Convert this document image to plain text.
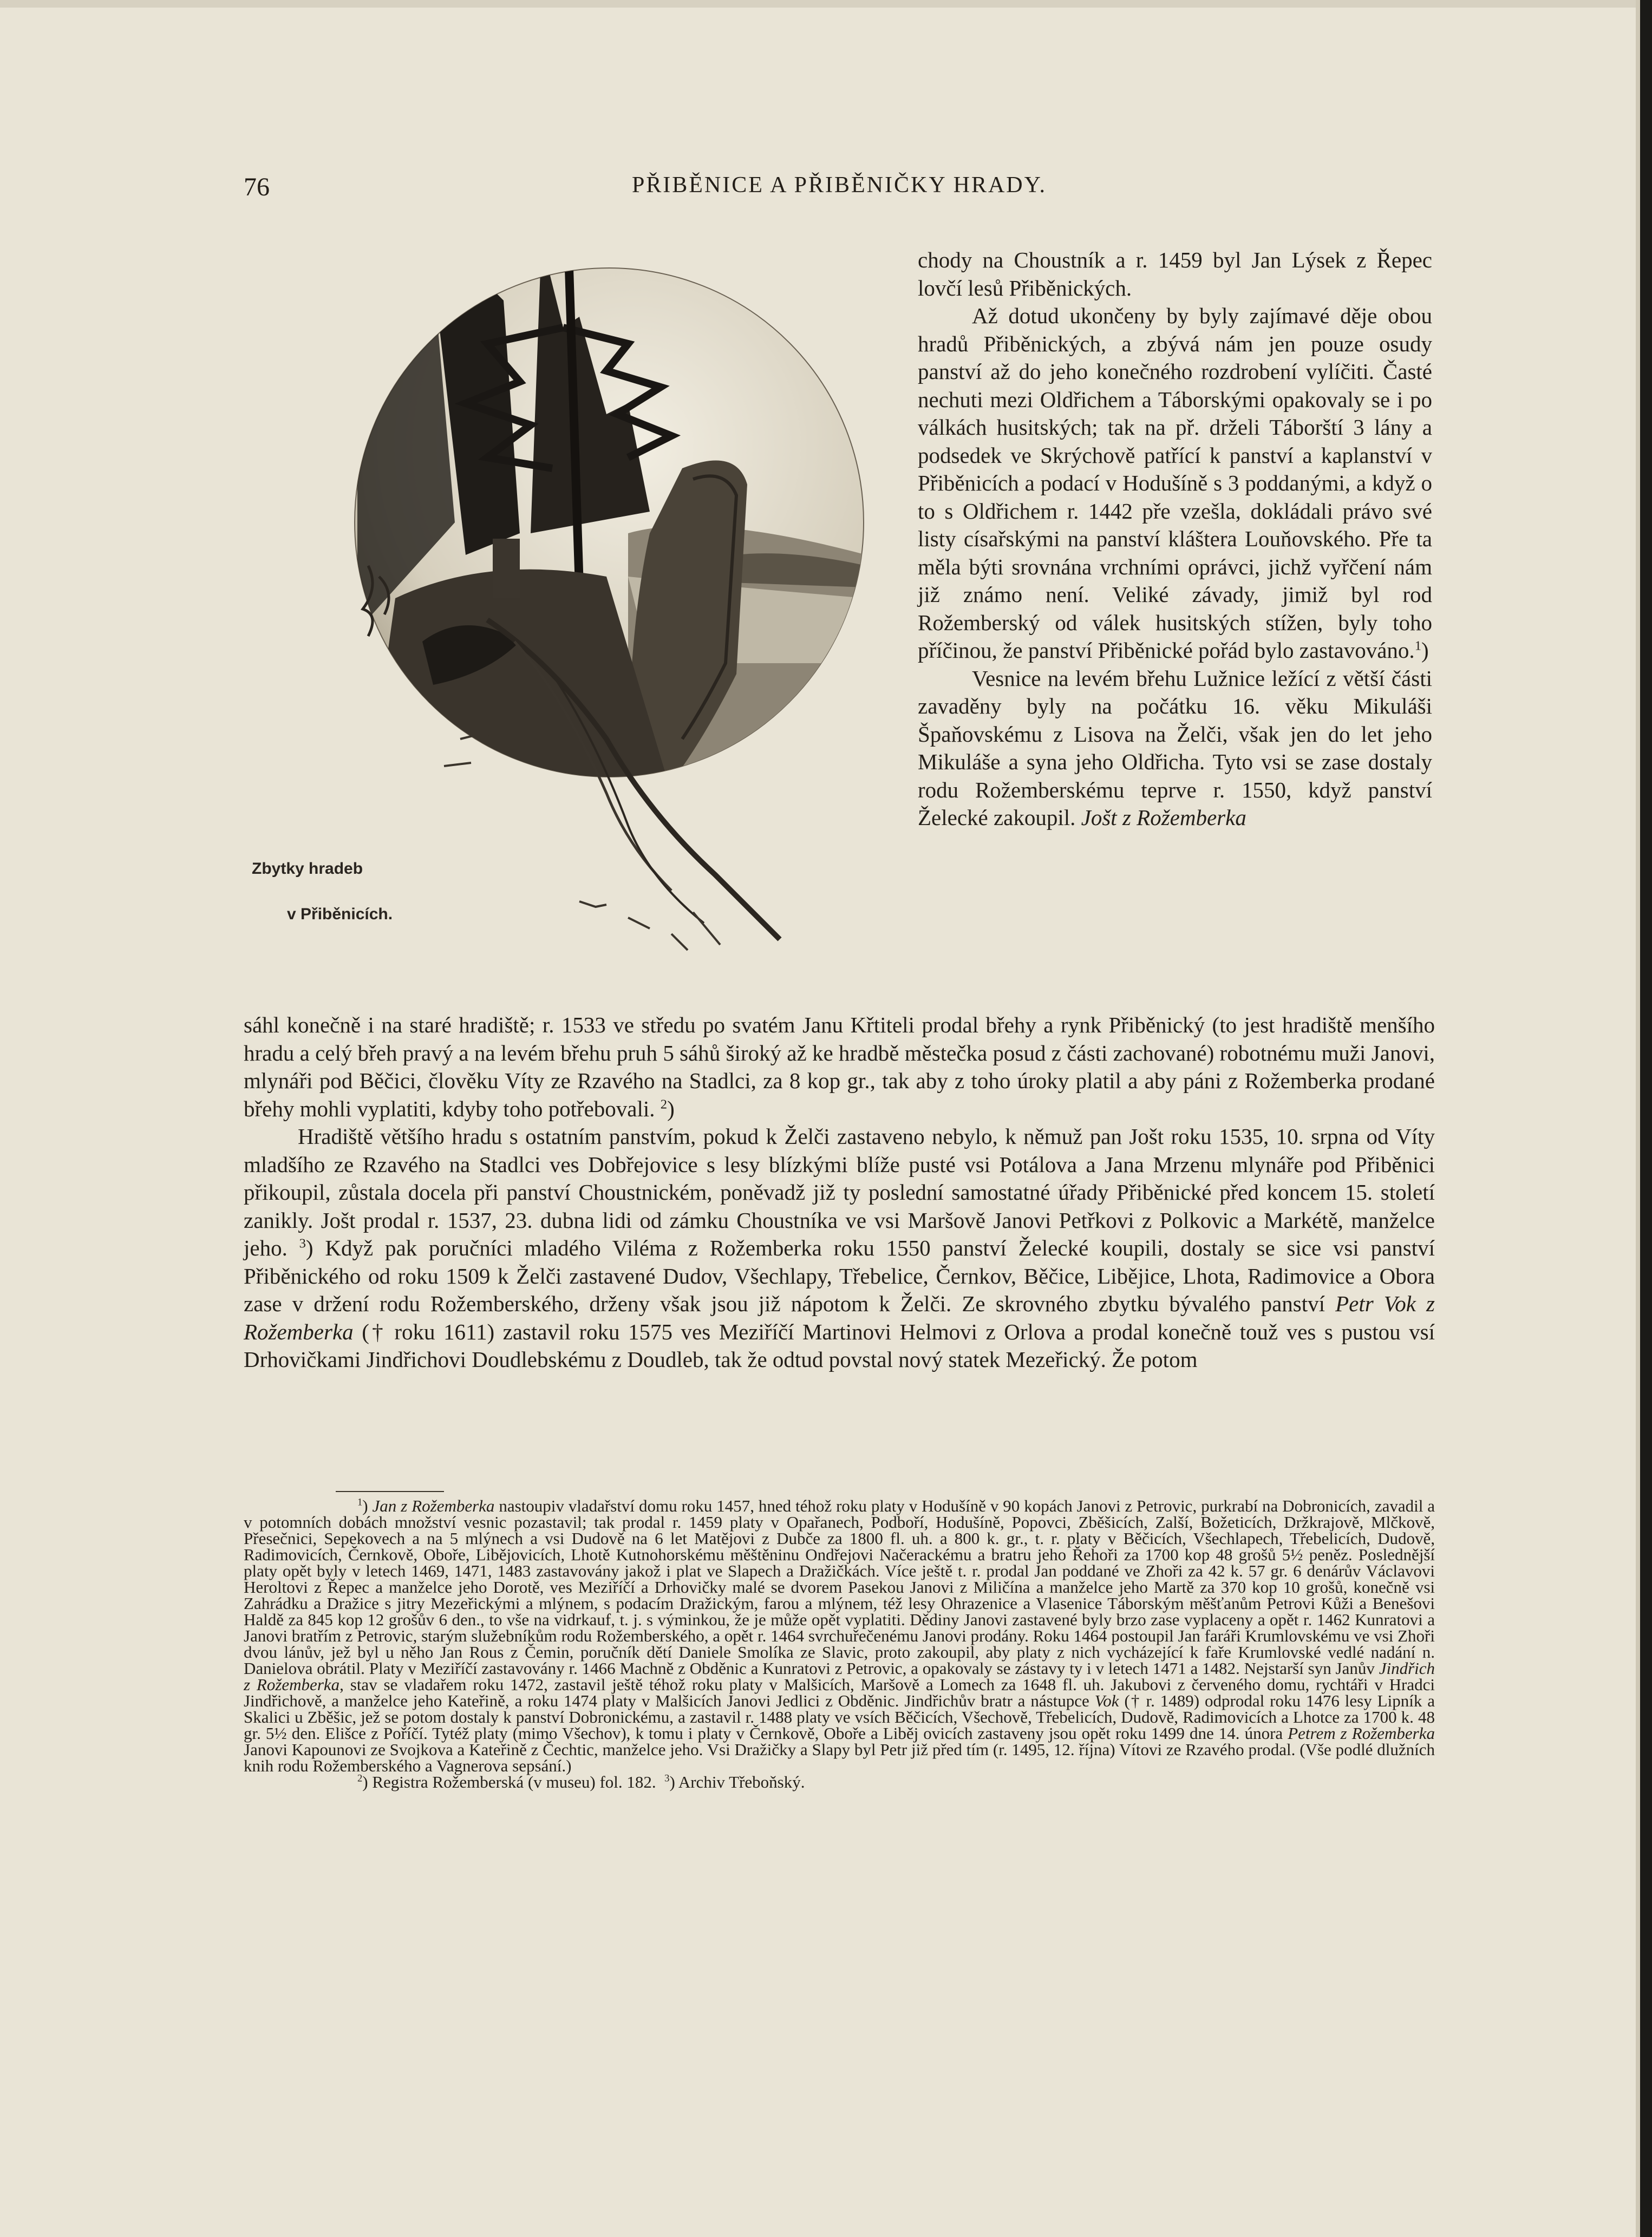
76	PŘIBĚNICE A PŘIBĚNIČKY HRADY.
Zbytky hradeb
v Přiběnicích.

chody na Choustník a r. 1459 byl Jan Lýsek z Řepec lovčí lesů Přiběnických.

Až dotud ukončeny by byly zajímavé děje obou hradů Přiběnických, a zbývá nám jen pouze osudy panství až do jeho konečného rozdrobení vylíčiti. Časté nechuti mezi Oldřichem a Táborskými opakovaly se i po válkách husitských; tak na př. drželi Táborští 3 lány a podsedek ve Skrýchově patřící k panství a kaplanství v Přiběnicích a podací v Hodušíně s 3 poddanými, a když o to s Oldřichem r. 1442 pře vzešla, dokládali právo své listy císařskými na panství kláštera Louňovského. Pře ta měla býti srovnána vrchními oprávci, jichž vyřčení nám již známo není. Veliké závady, jimiž byl rod Rožemberský od válek husitských stížen, byly toho příčinou, že panství Přiběnické pořád bylo zastavováno.$^1$)

Vesnice na levém břehu Lužnice ležící z větší části zavaděny byly na počátku 16. věku Mikuláši Špaňovskému z Lisova na Želči, však jen do let jeho Mikuláše a syna jeho Oldřicha. Tyto vsi se zase dostaly rodu Rožemberskému teprve r. 1550, když panství Želecké zakoupil. Jošt z Rožemberka

sáhl konečně i na staré hradiště; r. 1533 ve středu po svatém Janu Křtiteli prodal břehy a rynk Přiběnický (to jest hradiště menšího hradu a celý břeh pravý a na levém břehu pruh 5 sáhů široký až ke hradbě městečka posud z části zachované) robotnému muži Janovi, mlynáři pod Běčici, člověku Víty ze Rzavého na Stadlci, za 8 kop gr., tak aby z toho úroky platil a aby páni z Rožemberka prodané břehy mohli vyplatiti, kdyby toho potřebovali. $^2$)

Hradiště většího hradu s ostatním panstvím, pokud k Želči zastaveno nebylo, k němuž pan Jošt roku 1535, 10. srpna od Víty mladšího ze Rzavého na Stadlci ves Dobřejovice s lesy blízkými blíže pusté vsi Potálova a Jana Mrzenu mlynáře pod Přiběnici přikoupil, zůstala docela při panství Choustnickém, poněvadž již ty poslední samostatné úřady Přiběnické před koncem 15. století zanikly. Jošt prodal r. 1537, 23. dubna lidi od zámku Choustníka ve vsi Maršově Janovi Petřkovi z Polkovic a Markétě, manželce jeho. $^3$) Když pak poručníci mladého Viléma z Rožemberka roku 1550 panství Želecké koupili, dostaly se sice vsi panství Přiběnického od roku 1509 k Želči zastavené Dudov, Všechlapy, Třebelice, Černkov, Běčice, Libějice, Lhota, Radimovice a Obora zase v držení rodu Rožemberského, drženy však jsou již nápotom k Želči. Ze skrovného zbytku bývalého panství Petr Vok z Rožemberka († roku 1611) zastavil roku 1575 ves Meziříčí Martinovi Helmovi z Orlova a prodal konečně touž ves s pustou vsí Drhovičkami Jindřichovi Doudlebskému z Doudleb, tak že odtud povstal nový statek Mezeřický. Že potom

$^1$) Jan z Rožemberka nastoupiv vladařství domu roku 1457, hned téhož roku platy v Hodušíně v 90 kopách Janovi z Petrovic, purkrabí na Dobronicích, zavadil a v potomních dobách množství vesnic pozastavil; tak prodal r. 1459 platy v Opařanech, Podboří, Hodušíně, Popovci, Zběšicích, Zalší, Božeticích, Držkrajově, Mlčkově, Přesečnici, Sepekovech a na 5 mlýnech a vsi Dudově na 6 let Matějovi z Dubče za 1800 fl. uh. a 800 k. gr., t. r. platy v Běčicích, Všechlapech, Třebelicích, Dudově, Radimovicích, Černkově, Oboře, Libějovicích, Lhotě Kutnohorskému měštěninu Ondřejovi Načerackému a bratru jeho Řehoři za 1700 kop 48 grošů 5½ peněz. Poslednější platy opět byly v letech 1469, 1471, 1483 zastavovány jakož i plat ve Slapech a Dražičkách. Více ještě t. r. prodal Jan poddané ve Zhoři za 42 k. 57 gr. 6 denárův Václavovi Heroltovi z Řepec a manželce jeho Dorotě, ves Meziříčí a Drhovičky malé se dvorem Pasekou Janovi z Miličína a manželce jeho Martě za 370 kop 10 grošů, konečně vsi Zahrádku a Dražice s jitry Mezeřickými a mlýnem, s podacím Dražickým, farou a mlýnem, též lesy Ohrazenice a Vlasenice Táborským měšťanům Petrovi Kůži a Benešovi Haldě za 845 kop 12 grošův 6 den., to vše na vidrkauf, t. j. s výminkou, že je může opět vyplatiti. Dědiny Janovi zastavené byly brzo zase vyplaceny a opět r. 1462 Kunratovi a Janovi bratřím z Petrovic, starým služebníkům rodu Rožemberského, a opět r. 1464 svrchuřečenému Janovi prodány. Roku 1464 postoupil Jan faráři Krumlovskému ve vsi Zhoři dvou lánův, jež byl u něho Jan Rous z Čemin, poručník dětí Daniele Smolíka ze Slavic, proto zakoupil, aby platy z nich vycházející k faře Krumlovské vedlé nadání n. Danielova obrátil. Platy v Meziříčí zastavovány r. 1466 Machně z Obděnic a Kunratovi z Petrovic, a opakovaly se zástavy ty i v letech 1471 a 1482. Nejstarší syn Janův Jindřich z Rožemberka, stav se vladařem roku 1472, zastavil ještě téhož roku platy v Malšicích, Maršově a Lomech za 1648 fl. uh. Jakubovi z červeného domu, rychtáři v Hradci Jindřichově, a manželce jeho Kateřině, a roku 1474 platy v Malšicích Janovi Jedlici z Obděnic. Jindřichův bratr a nástupce Vok († r. 1489) odprodal roku 1476 lesy Lipník a Skalici u Zběšic, jež se potom dostaly k panství Dobronickému, a zastavil r. 1488 platy ve vsích Běčicích, Všechově, Třebelicích, Dudově, Radimovicích a Lhotce za 1700 k. 48 gr. 5½ den. Elišce z Poříčí. Tytéž platy (mimo Všechov), k tomu i platy v Černkově, Oboře a Liběj ovicích zastaveny jsou opět roku 1499 dne 14. února Petrem z Rožemberka Janovi Kapounovi ze Svojkova a Kateřině z Čechtic, manželce jeho. Vsi Dražičky a Slapy byl Petr již před tím (r. 1495, 12. října) Vítovi ze Rzavého prodal. (Vše podlé dlužních knih rodu Rožemberského a Vagnerova sepsání.)

$^2$) Registra Rožemberská (v museu) fol. 182. $^3$) Archiv Třeboňský.
